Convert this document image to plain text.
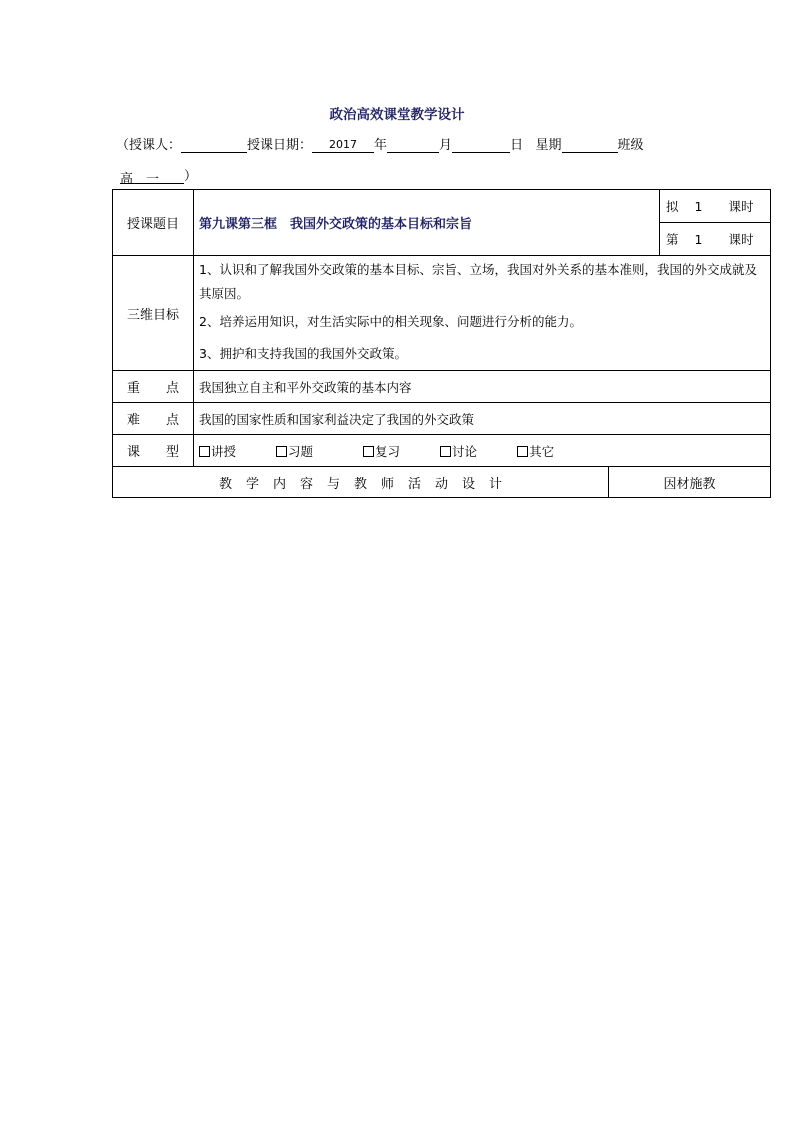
政治高效课堂教学设计
（授课人：	授课日期： 2017 年	月	日 星期	班级
高　一 ）
授课题目	第九课第三框　我国外交政策的基本目标和宗旨		拟 1 课时
			第 1 课时
三维目标	1、认识和了解我国外交政策的基本目标、宗旨、立场，我国对外关系的基本准则，我国的外交成就及其原因。

2、培养运用知识，对生活实际中的相关现象、问题进行分析的能力。

3、拥护和支持我国的我国外交政策。		

重　　点	我国独立自主和平外交政策的基本内容		
难　　点	我国的国家性质和国家利益决定了我国的外交政策		
课　　型	讲授 习题 复习 讨论 其它		
教学内容与教师活动设计		因材施教	
